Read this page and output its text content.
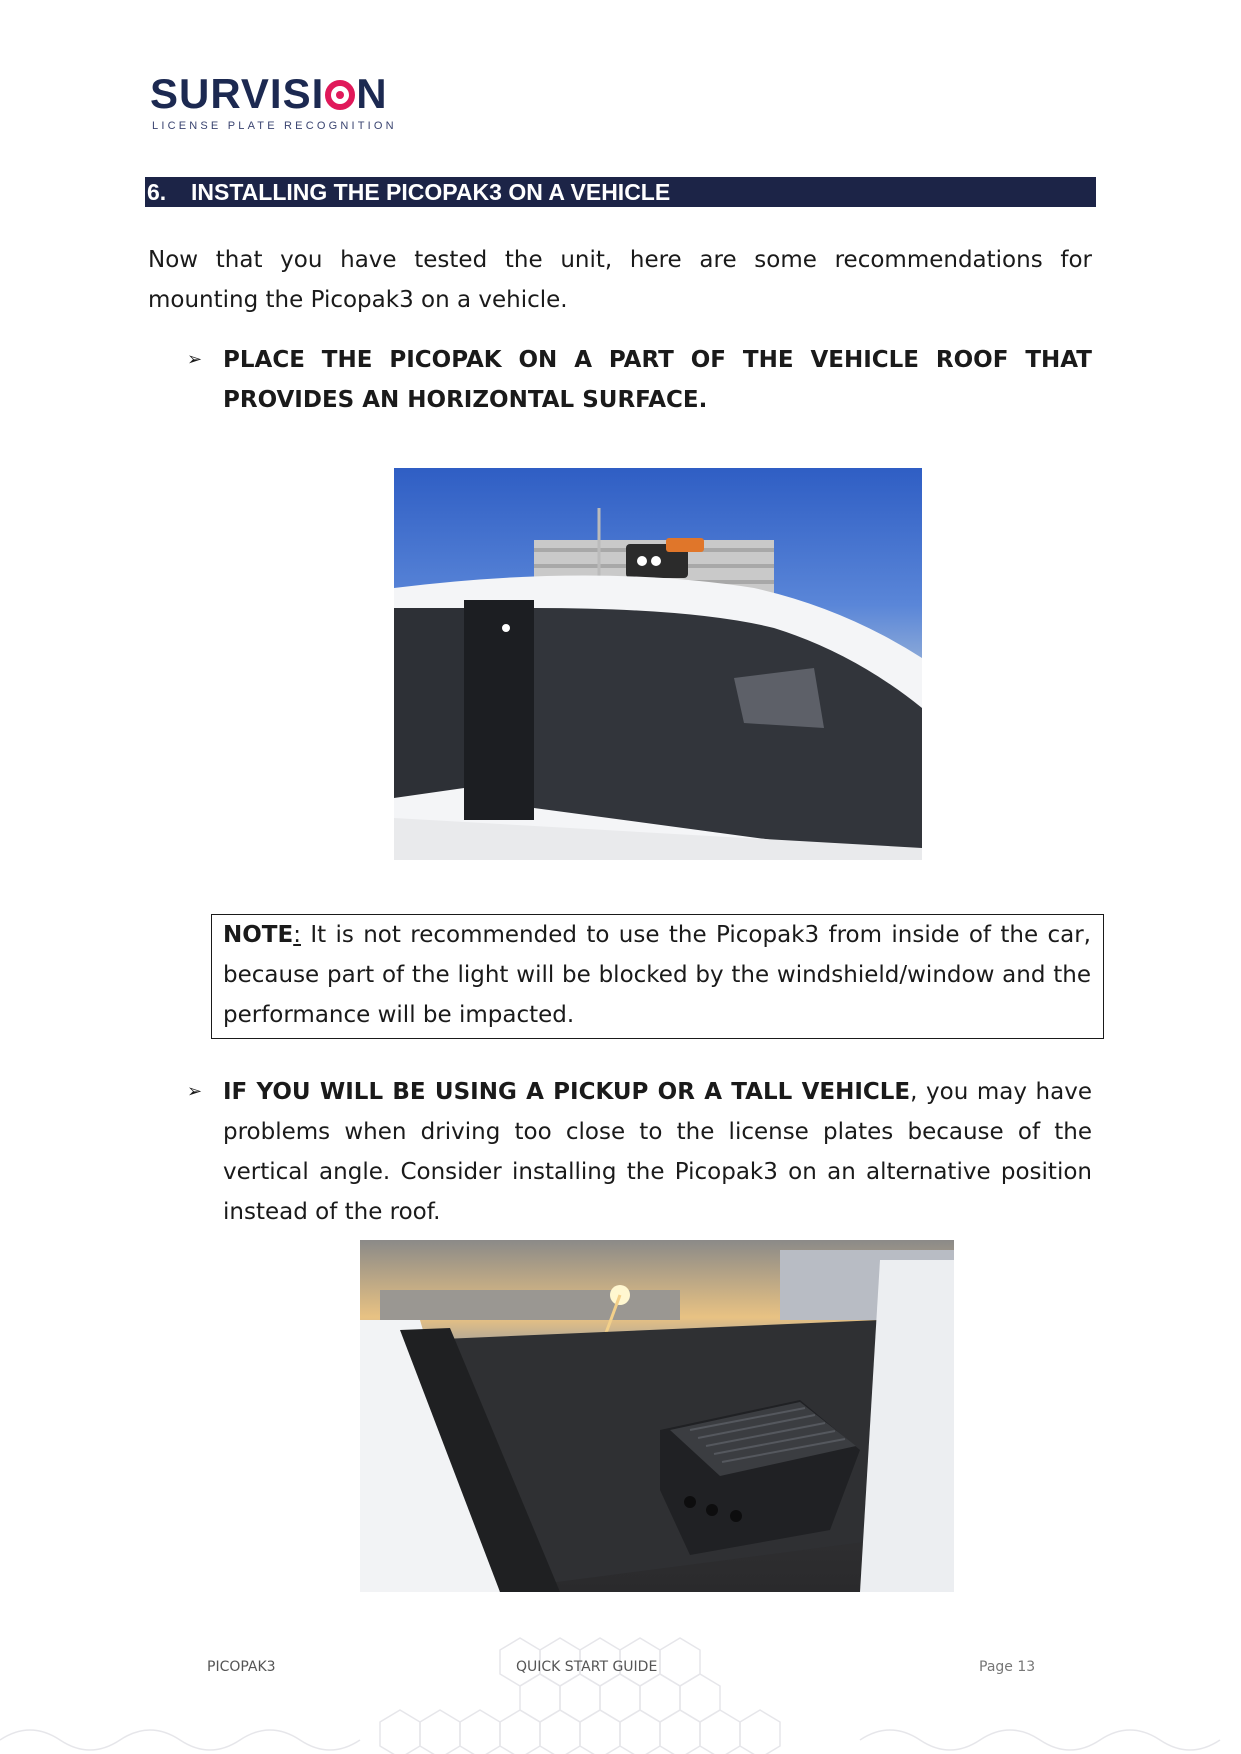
SURVISI N
LICENSE PLATE RECOGNITION
6. INSTALLING THE PICOPAK3 ON A VEHICLE
Now that you have tested the unit, here are some recommendations for mounting the Picopak3 on a vehicle.
➢ PLACE THE PICOPAK ON A PART OF THE VEHICLE ROOF THAT PROVIDES AN HORIZONTAL SURFACE.
NOTE: It is not recommended to use the Picopak3 from inside of the car, because part of the light will be blocked by the windshield/window and the performance will be impacted.
➢ IF YOU WILL BE USING A PICKUP OR A TALL VEHICLE, you may have problems when driving too close to the license plates because of the vertical angle. Consider installing the Picopak3 on an alternative position instead of the roof.
PICOPAK3	QUICK START GUIDE	Page 13
